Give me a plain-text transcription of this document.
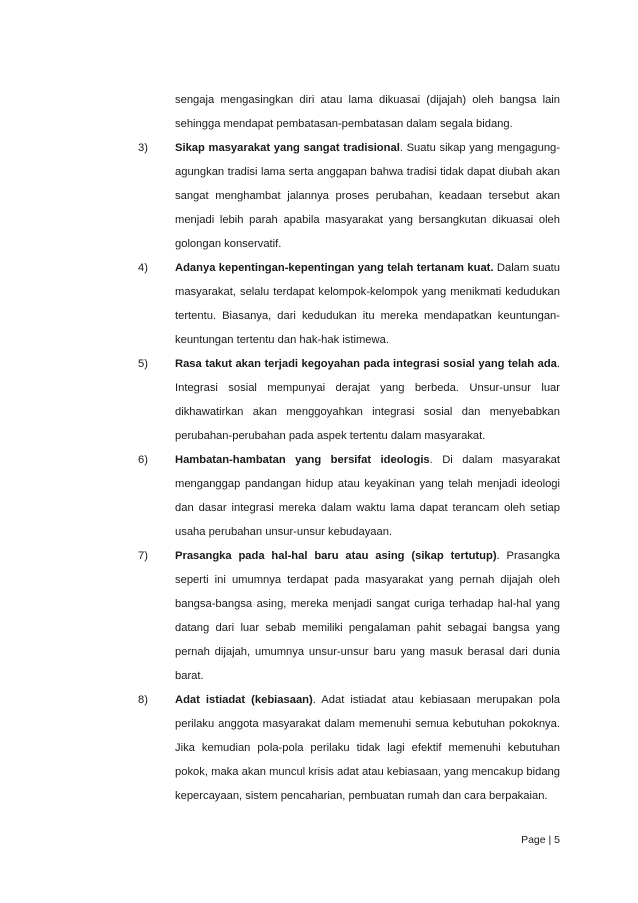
sengaja mengasingkan diri atau lama dikuasai (dijajah) oleh bangsa lain sehingga mendapat pembatasan-pembatasan dalam segala bidang.

3) Sikap masyarakat yang sangat tradisional. Suatu sikap yang mengagung-agungkan tradisi lama serta anggapan bahwa tradisi tidak dapat diubah akan sangat menghambat jalannya proses perubahan, keadaan tersebut akan menjadi lebih parah apabila masyarakat yang bersangkutan dikuasai oleh golongan konservatif.

4) Adanya kepentingan-kepentingan yang telah tertanam kuat. Dalam suatu masyarakat, selalu terdapat kelompok-kelompok yang menikmati kedudukan tertentu. Biasanya, dari kedudukan itu mereka mendapatkan keuntungan-keuntungan tertentu dan hak-hak istimewa.

5) Rasa takut akan terjadi kegoyahan pada integrasi sosial yang telah ada. Integrasi sosial mempunyai derajat yang berbeda. Unsur-unsur luar dikhawatirkan akan menggoyahkan integrasi sosial dan menyebabkan perubahan-perubahan pada aspek tertentu dalam masyarakat.

6) Hambatan-hambatan yang bersifat ideologis. Di dalam masyarakat menganggap pandangan hidup atau keyakinan yang telah menjadi ideologi dan dasar integrasi mereka dalam waktu lama dapat terancam oleh setiap usaha perubahan unsur-unsur kebudayaan.

7) Prasangka pada hal-hal baru atau asing (sikap tertutup). Prasangka seperti ini umumnya terdapat pada masyarakat yang pernah dijajah oleh bangsa-bangsa asing, mereka menjadi sangat curiga terhadap hal-hal yang datang dari luar sebab memiliki pengalaman pahit sebagai bangsa yang pernah dijajah, umumnya unsur-unsur baru yang masuk berasal dari dunia barat.

8) Adat istiadat (kebiasaan). Adat istiadat atau kebiasaan merupakan pola perilaku anggota masyarakat dalam memenuhi semua kebutuhan pokoknya. Jika kemudian pola-pola perilaku tidak lagi efektif memenuhi kebutuhan pokok, maka akan muncul krisis adat atau kebiasaan, yang mencakup bidang kepercayaan, sistem pencaharian, pembuatan rumah dan cara berpakaian.

Page | 5
